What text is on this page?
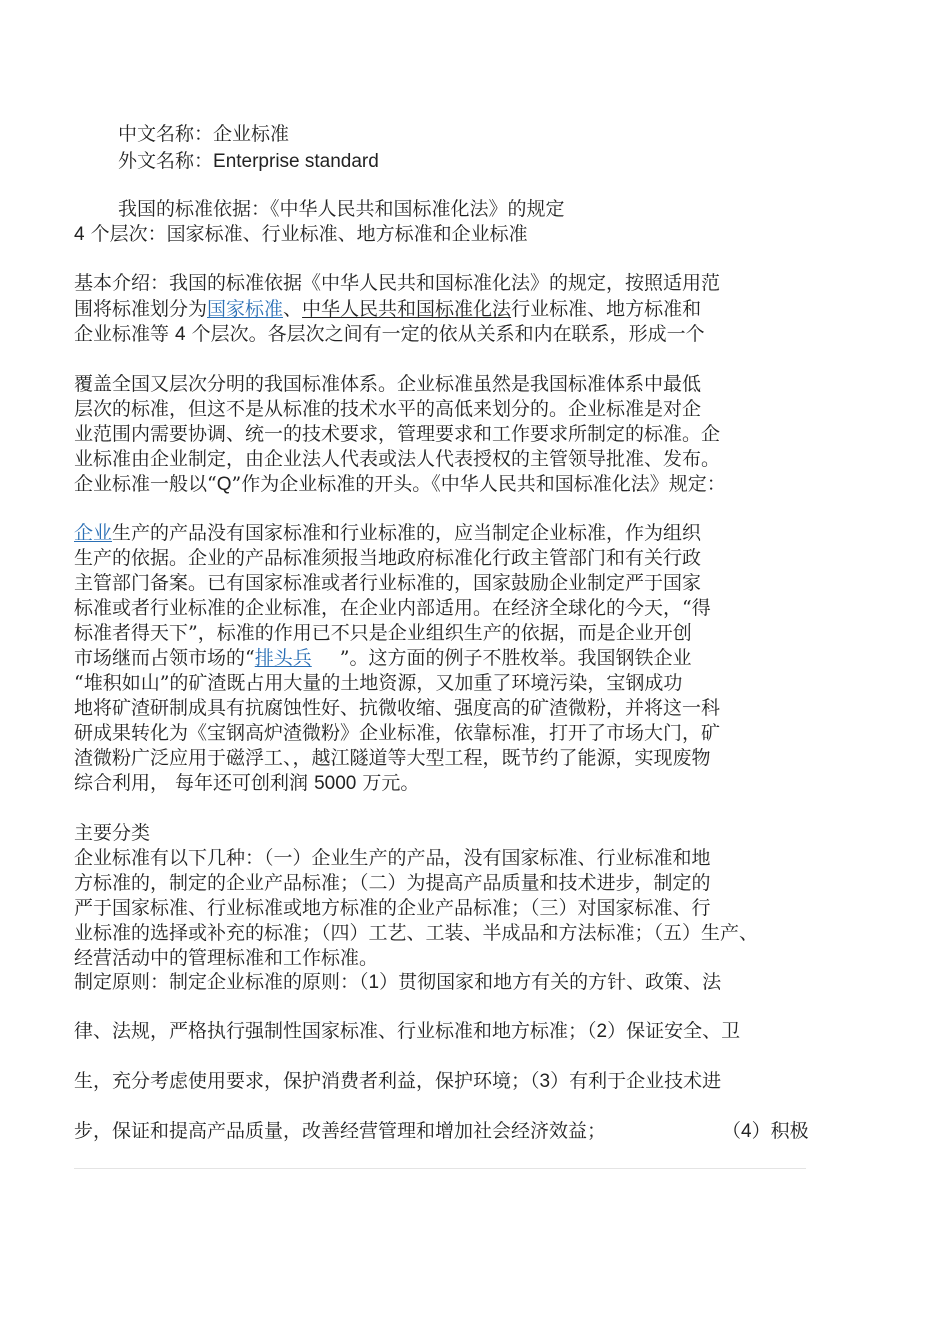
中文名称：企业标准
外文名称：Enterprise standard
我国的标准依据：《中华人民共和国标准化法》的规定
4 个层次：国家标准、行业标准、地方标准和企业标准
基本介绍：我国的标准依据《中华人民共和国标准化法》的规定，按照适用范
围将标准划分为国家标准、中华人民共和国标准化法行业标准、地方标准和
企业标准等 4 个层次。各层次之间有一定的依从关系和内在联系，形成一个
覆盖全国又层次分明的我国标准体系。企业标准虽然是我国标准体系中最低
层次的标准，但这不是从标准的技术水平的高低来划分的。企业标准是对企
业范围内需要协调、统一的技术要求，管理要求和工作要求所制定的标准。企
业标准由企业制定，由企业法人代表或法人代表授权的主管领导批准、发布。
企业标准一般以“Q”作为企业标准的开头。《中华人民共和国标准化法》规定：
企业生产的产品没有国家标准和行业标准的，应当制定企业标准，作为组织
生产的依据。企业的产品标准须报当地政府标准化行政主管部门和有关行政
主管部门备案。已有国家标准或者行业标准的，国家鼓励企业制定严于国家
标准或者行业标准的企业标准，在企业内部适用。在经济全球化的今天，“得
标准者得天下”，标准的作用已不只是企业组织生产的依据，而是企业开创
市场继而占领市场的“排头兵 ”。这方面的例子不胜枚举。我国钢铁企业
“堆积如山”的矿渣既占用大量的土地资源，又加重了环境污染，宝钢成功
地将矿渣研制成具有抗腐蚀性好、抗微收缩、强度高的矿渣微粉，并将这一科
研成果转化为《宝钢高炉渣微粉》企业标准，依靠标准，打开了市场大门，矿
渣微粉广泛应用于磁浮工、，越江隧道等大型工程，既节约了能源，实现废物
综合利用， 每年还可创利润 5000 万元。
主要分类
企业标准有以下几种：（一）企业生产的产品，没有国家标准、行业标准和地
方标准的，制定的企业产品标准；（二）为提高产品质量和技术进步，制定的
严于国家标准、行业标准或地方标准的企业产品标准；（三）对国家标准、行
业标准的选择或补充的标准；（四）工艺、工装、半成品和方法标准；（五）生产、
经营活动中的管理标准和工作标准。
制定原则：制定企业标准的原则：（1）贯彻国家和地方有关的方针、政策、法
律、法规，严格执行强制性国家标准、行业标准和地方标准；（2）保证安全、卫
生，充分考虑使用要求，保护消费者利益，保护环境；（3）有利于企业技术进
步，保证和提高产品质量，改善经营管理和增加社会经济效益；	（4）积极
